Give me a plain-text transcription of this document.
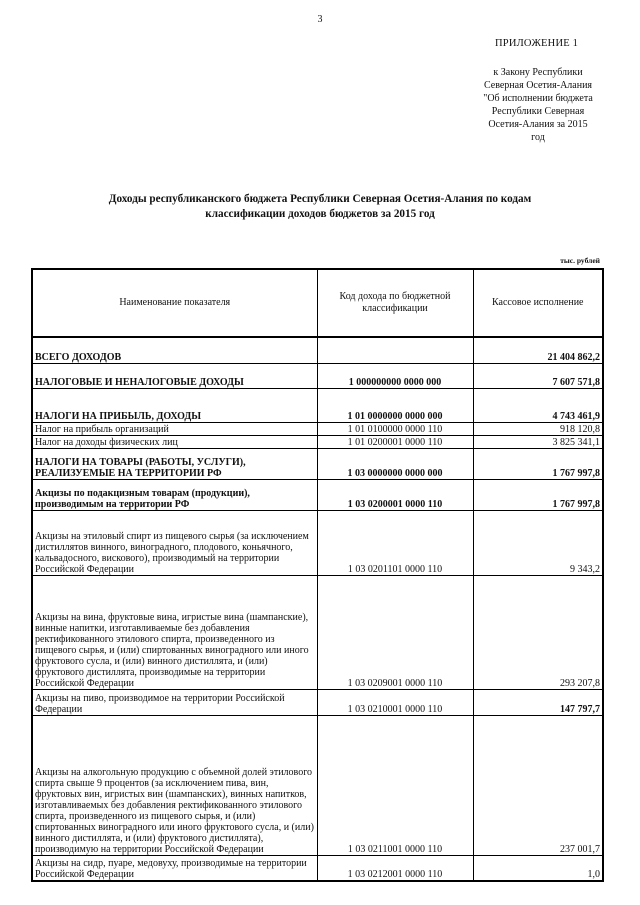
3
ПРИЛОЖЕНИЕ 1
к Закону Республики
Северная Осетия-Алания
"Об исполнении бюджета
Республики Северная
Осетия-Алания за 2015
год
Доходы республиканского бюджета Республики Северная Осетия-Алания по кодам
классификации доходов бюджетов за 2015 год
тыс. рублей
Наименование показателя	Код дохода по бюджетной классификации	Кассовое исполнение
ВСЕГО ДОХОДОВ		21 404 862,2
НАЛОГОВЫЕ И НЕНАЛОГОВЫЕ ДОХОДЫ	1 000000000 0000 000	7 607 571,8
НАЛОГИ НА ПРИБЫЛЬ, ДОХОДЫ	1 01 0000000 0000 000	4 743 461,9
Налог на прибыль организаций	1 01 0100000 0000 110	918 120,8
Налог на доходы физических лиц	1 01 0200001 0000 110	3 825 341,1
НАЛОГИ НА ТОВАРЫ (РАБОТЫ, УСЛУГИ), РЕАЛИЗУЕМЫЕ НА ТЕРРИТОРИИ РФ	1 03 0000000 0000 000	1 767 997,8
Акцизы по подакцизным товарам (продукции), производимым на территории РФ	1 03 0200001 0000 110	1 767 997,8
Акцизы на этиловый спирт из пищевого сырья (за исключением дистиллятов винного, виноградного, плодового, коньячного, кальвадосного, вискового), производимый на территории Российской Федерации	1 03 0201101 0000 110	9 343,2
Акцизы на вина, фруктовые вина, игристые вина (шампанские), винные напитки, изготавливаемые без добавления ректификованного этилового спирта, произведенного из пищевого сырья, и (или) спиртованных виноградного или иного фруктового сусла, и (или) винного дистиллята, и (или) фруктового дистиллята, производимые на территории Российской Федерации	1 03 0209001 0000 110	293 207,8
Акцизы на пиво, производимое на территории Российской Федерации	1 03 0210001 0000 110	147 797,7
Акцизы на алкогольную продукцию с объемной долей этилового спирта свыше 9 процентов (за исключением пива, вин, фруктовых вин, игристых вин (шампанских), винных напитков, изготавливаемых без добавления ректификованного этилового спирта, произведенного из пищевого сырья, и (или) спиртованных виноградного или иного фруктового сусла, и (или) винного дистиллята, и (или) фруктового дистиллята), производимую на территории Российской Федерации	1 03 0211001 0000 110	237 001,7
Акцизы на сидр, пуаре, медовуху, производимые на территории Российской Федерации	1 03 0212001 0000 110	1,0
